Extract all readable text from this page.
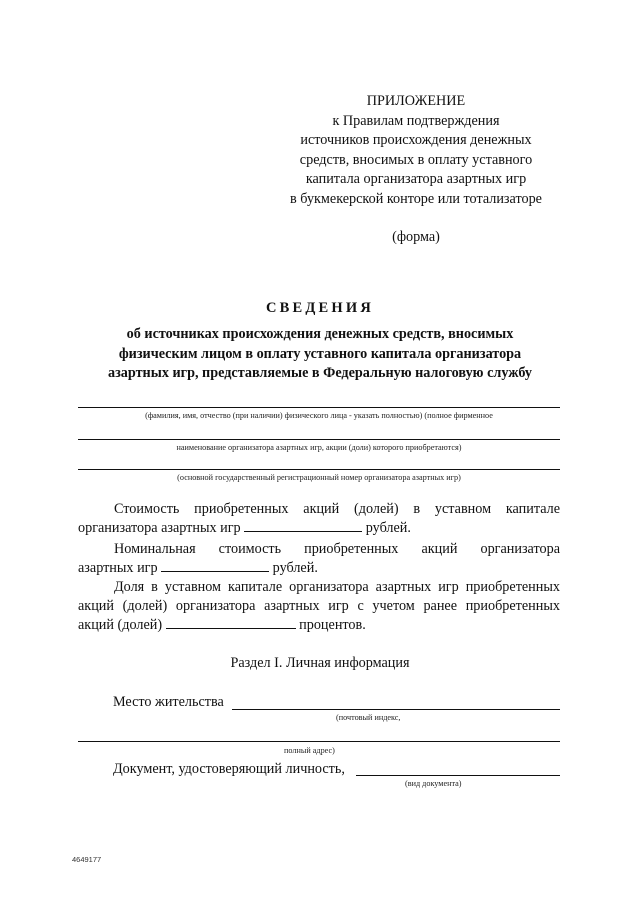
ПРИЛОЖЕНИЕ
к Правилам подтверждения
источников происхождения денежных
средств, вносимых в оплату уставного
капитала организатора азартных игр
в букмекерской конторе или тотализаторе
(форма)
СВЕДЕНИЯ
об источниках происхождения денежных средств, вносимых
физическим лицом в оплату уставного капитала организатора
азартных игр, представляемые в Федеральную налоговую службу
(фамилия, имя, отчество (при наличии) физического лица - указать полностью) (полное фирменное
наименование организатора азартных игр, акции (доли) которого приобретаются)
(основной государственный регистрационный номер организатора азартных игр)
Стоимость приобретенных акций (долей) в уставном капитале
организатора азартных игр	рублей.
Номинальная стоимость приобретенных акций организатора
азартных игр	рублей.
Доля в уставном капитале организатора азартных игр приобретенных
акций (долей) организатора азартных игр с учетом ранее приобретенных
акций (долей)	процентов.
Раздел I. Личная информация
Место жительства
(почтовый индекс,
полный адрес)
Документ, удостоверяющий личность,
(вид документа)
4649177
